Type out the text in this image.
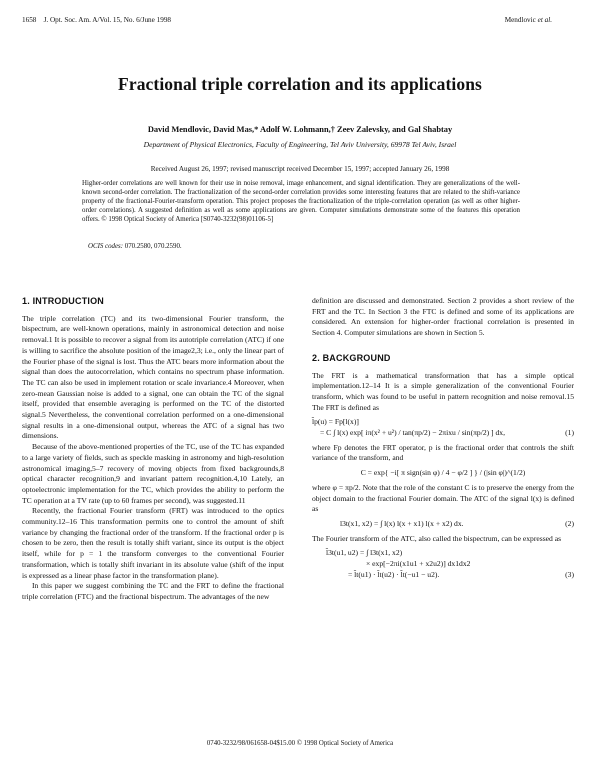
1658 J. Opt. Soc. Am. A/Vol. 15, No. 6/June 1998	Mendlovic et al.
Fractional triple correlation and its applications
David Mendlovic, David Mas,* Adolf W. Lohmann,† Zeev Zalevsky, and Gal Shabtay
Department of Physical Electronics, Faculty of Engineering, Tel Aviv University, 69978 Tel Aviv, Israel
Received August 26, 1997; revised manuscript received December 15, 1997; accepted January 26, 1998
Higher-order correlations are well known for their use in noise removal, image enhancement, and signal identification. They are generalizations of the well-known second-order correlation. The fractionalization of the second-order correlation provides some interesting features that are related to the shift-variance property of the fractional-Fourier-transform operation. This project proposes the fractionalization of the triple-correlation operation (as well as other higher-order correlations). A suggested definition as well as some applications are given. Computer simulations demonstrate some of the features this operation offers. © 1998 Optical Society of America [S0740-3232(98)01106-5]
OCIS codes: 070.2580, 070.2590.
1. INTRODUCTION

The triple correlation (TC) and its two-dimensional Fourier transform, the bispectrum, are well-known operations, mainly in astronomical detection and noise removal.1 It is possible to recover a signal from its autotriple correlation (ATC) if one is willing to sacrifice the absolute position of the image2,3; i.e., only the linear part of the Fourier phase of the signal is lost. Thus the ATC bears more information about the signal than does the autocorrelation, which contains no spectrum phase information. The TC can also be used in implement rotation or scale invariance.4 Moreover, when zero-mean Gaussian noise is added to a signal, one can obtain the TC of the signal itself, provided that ensemble averaging is performed on the TC of the distorted signal.5 Nevertheless, the conventional correlation performed on a one-dimensional signal results in a one-dimensional output, whereas the ATC of a signal has two dimensions.

Because of the above-mentioned properties of the TC, use of the TC has expanded to a large variety of fields, such as speckle masking in astronomy and high-resolution astronomical imaging,5–7 recovery of moving objects from fixed backgrounds,8 optical character recognition,9 and invariant pattern recognition.4,10 Lately, an optoelectronic implementation for the TC, which provides the ability to perform the TC operation at a TV rate (up to 60 frames per second), was suggested.11

Recently, the fractional Fourier transform (FRT) was introduced to the optics community.12–16 This transformation permits one to control the amount of shift variance by changing the fractional order of the transform. If the fractional order p is chosen to be zero, then the result is totally shift variant, since its output is the object itself, while for p = 1 the transform converges to the conventional Fourier transformation, which is totally shift invariant in its absolute value (shift of the input is expressed as a linear phase factor in the transformation plane).

In this paper we suggest combining the TC and the FRT to define the fractional triple correlation (FTC) and the fractional bispectrum. The advantages of the new

definition are discussed and demonstrated. Section 2 provides a short review of the FRT and the TC. In Section 3 the FTC is defined and some of its applications are considered. An extension for higher-order fractional correlation is presented in Section 4. Computer simulations are shown in Section 5.

2. BACKGROUND

The FRT is a mathematical transformation that has a simple optical implementation.12–14 It is a simple generalization of the conventional Fourier transform, which was found to be useful in pattern recognition and noise removal.15 The FRT is defined as

l̂p(u) = Fp[l(x)]
= C ∫ l(x) exp[ iπ(x² + u²) / tan(πp/2) − 2πixu / sin(πp/2) ] dx,	(1)

where Fp denotes the FRT operator, p is the fractional order that controls the shift variance of the transform, and

C = exp{ −i[ π sign(sin φ) / 4 − φ/2 ] } / (|sin φ|)^(1/2)

where φ = πp/2. Note that the role of the constant C is to preserve the energy from the object domain to the fractional Fourier domain. The ATC of the signal l(x) is defined as

l3t(x1, x2) = ∫ l(x) l(x + x1) l(x + x2) dx.	(2)

The Fourier transform of the ATC, also called the bispectrum, can be expressed as

l̂3t(u1, u2) = ∫ l3t(x1, x2)
× exp[−2πi(x1u1 + x2u2)] dx1dx2
= l̂t(u1) · l̂t(u2) · l̂t(−u1 − u2).	(3)
0740-3232/98/061658-04$15.00 © 1998 Optical Society of America
